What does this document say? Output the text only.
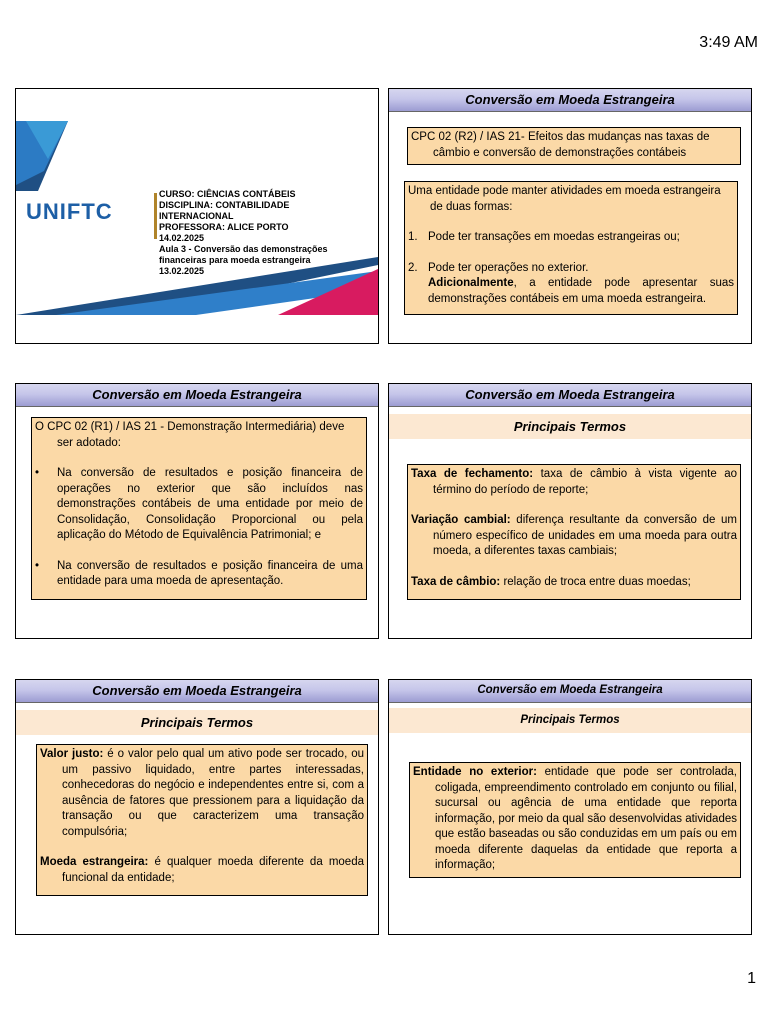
3:49 AM
UNIFTC
CURSO: CIÊNCIAS CONTÁBEIS
DISCIPLINA: CONTABILIDADE
INTERNACIONAL
PROFESSORA: ALICE PORTO
14.02.2025
Aula 3 - Conversão das demonstrações
financeiras para moeda estrangeira
13.02.2025
Conversão em Moeda Estrangeira

CPC 02 (R2) / IAS 21- Efeitos das mudanças nas taxas de câmbio e conversão de demonstrações contábeis

Uma entidade pode manter atividades em moeda estrangeira de duas formas:

1. Pode ter transações em moedas estrangeiras ou;

2. Pode ter operações no exterior.

Adicionalmente, a entidade pode apresentar suas demonstrações contábeis em uma moeda estrangeira.

Conversão em Moeda Estrangeira

O CPC 02 (R1) / IAS 21 - Demonstração Intermediária) deve ser adotado:

• Na conversão de resultados e posição financeira de operações no exterior que são incluídos nas demonstrações contábeis de uma entidade por meio de Consolidação, Consolidação Proporcional ou pela aplicação do Método de Equivalência Patrimonial; e

• Na conversão de resultados e posição financeira de uma entidade para uma moeda de apresentação.

Conversão em Moeda Estrangeira
Principais Termos

Taxa de fechamento: taxa de câmbio à vista vigente ao término do período de reporte;

Variação cambial: diferença resultante da conversão de um número específico de unidades em uma moeda para outra moeda, a diferentes taxas cambiais;

Taxa de câmbio: relação de troca entre duas moedas;

Conversão em Moeda Estrangeira
Principais Termos

Valor justo: é o valor pelo qual um ativo pode ser trocado, ou um passivo liquidado, entre partes interessadas, conhecedoras do negócio e independentes entre si, com a ausência de fatores que pressionem para a liquidação da transação ou que caracterizem uma transação compulsória;

Moeda estrangeira: é qualquer moeda diferente da moeda funcional da entidade;

Conversão em Moeda Estrangeira
Principais Termos

Entidade no exterior: entidade que pode ser controlada, coligada, empreendimento controlado em conjunto ou filial, sucursal ou agência de uma entidade que reporta informação, por meio da qual são desenvolvidas atividades que estão baseadas ou são conduzidas em um país ou em moeda diferente daquelas da entidade que reporta a informação;

1
